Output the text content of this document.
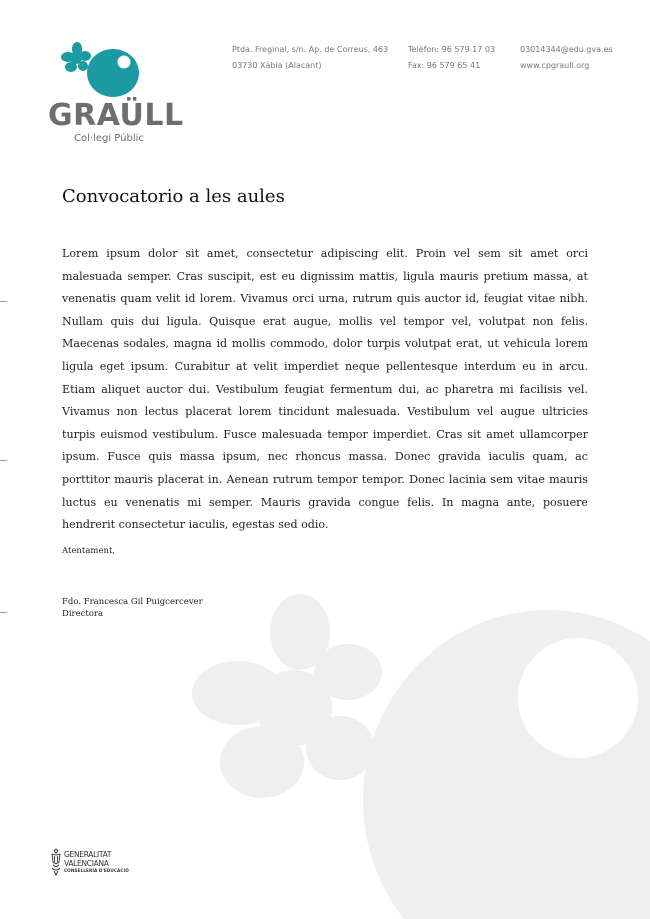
GRAÜLL
Col·legi Públic
Ptda. Freginal, s/n. Ap. de Correus, 463
03730 Xàbia (Alacant)
Telèfon: 96 579 17 03
Fax: 96 579 65 41
03014344@edu.gva.es
www.cpgraull.org
Convocatorio a les aules

Lorem ipsum dolor sit amet, consectetur adipiscing elit. Proin vel sem sit amet orci malesuada semper. Cras suscipit, est eu dignissim mattis, ligula mauris pretium massa, at venenatis quam velit id lorem. Vivamus orci urna, rutrum quis auctor id, feugiat vitae nibh. Nullam quis dui ligula. Quisque erat augue, mollis vel tempor vel, volutpat non felis. Maecenas sodales, magna id mollis commodo, dolor turpis volutpat erat, ut vehicula lorem ligula eget ipsum. Curabitur at velit imperdiet neque pellentesque interdum eu in arcu. Etiam aliquet auctor dui. Vestibulum feugiat fermentum dui, ac pharetra mi facilisis vel. Vivamus non lectus placerat lorem tincidunt malesuada. Vestibulum vel augue ultricies turpis euismod vestibulum. Fusce malesuada tempor imperdiet. Cras sit amet ullamcorper ipsum. Fusce quis massa ipsum, nec rhoncus massa. Donec gravida iaculis quam, ac porttitor mauris placerat in. Aenean rutrum tempor tempor. Donec lacinia sem vitae mauris luctus eu venenatis mi semper. Mauris gravida congue felis. In magna ante, posuere hendrerit consectetur iaculis, egestas sed odio.

Atentament,
Fdo. Francesca Gil Puigcercever
Directora
GENERALITAT
VALENCIANA
CONSELLERIA D'EDUCACIÓ
